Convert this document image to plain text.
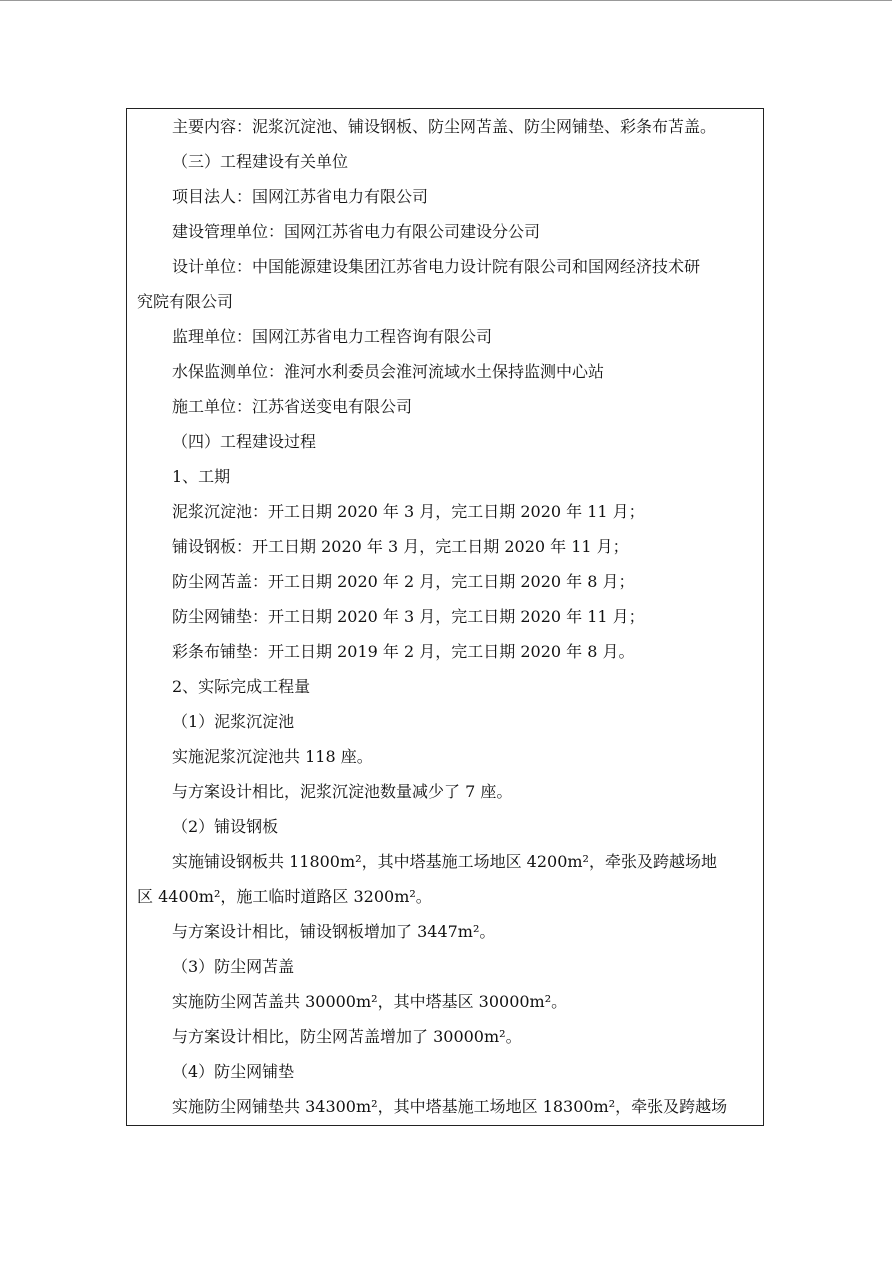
主要内容：泥浆沉淀池、铺设钢板、防尘网苫盖、防尘网铺垫、彩条布苫盖。
（三）工程建设有关单位
项目法人：国网江苏省电力有限公司
建设管理单位：国网江苏省电力有限公司建设分公司
设计单位：中国能源建设集团江苏省电力设计院有限公司和国网经济技术研
究院有限公司
监理单位：国网江苏省电力工程咨询有限公司
水保监测单位：淮河水利委员会淮河流域水土保持监测中心站
施工单位：江苏省送变电有限公司
（四）工程建设过程
1、工期
泥浆沉淀池：开工日期 2020 年 3 月，完工日期 2020 年 11 月；
铺设钢板：开工日期 2020 年 3 月，完工日期 2020 年 11 月；
防尘网苫盖：开工日期 2020 年 2 月，完工日期 2020 年 8 月；
防尘网铺垫：开工日期 2020 年 3 月，完工日期 2020 年 11 月；
彩条布铺垫：开工日期 2019 年 2 月，完工日期 2020 年 8 月。
2、实际完成工程量
（1）泥浆沉淀池
实施泥浆沉淀池共 118 座。
与方案设计相比，泥浆沉淀池数量减少了 7 座。
（2）铺设钢板
实施铺设钢板共 11800m²，其中塔基施工场地区 4200m²，牵张及跨越场地
区 4400m²，施工临时道路区 3200m²。
与方案设计相比，铺设钢板增加了 3447m²。
（3）防尘网苫盖
实施防尘网苫盖共 30000m²，其中塔基区 30000m²。
与方案设计相比，防尘网苫盖增加了 30000m²。
（4）防尘网铺垫
实施防尘网铺垫共 34300m²，其中塔基施工场地区 18300m²，牵张及跨越场
